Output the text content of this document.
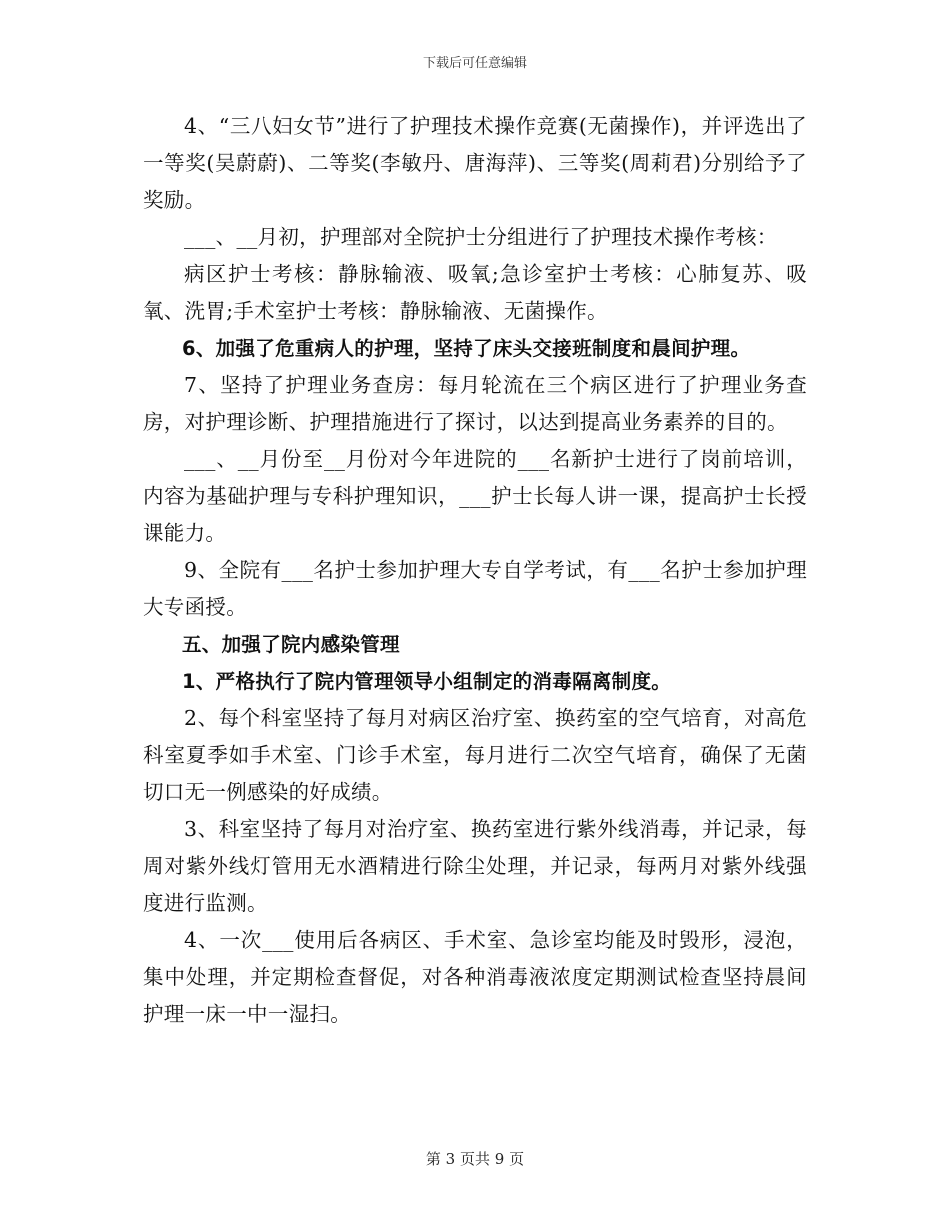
下载后可任意编辑

4、“三八妇女节”进行了护理技术操作竞赛(无菌操作)，并评选出了一等奖(吴蔚蔚)、二等奖(李敏丹、唐海萍)、三等奖(周莉君)分别给予了奖励。

___、__月初，护理部对全院护士分组进行了护理技术操作考核：

病区护士考核：静脉输液、吸氧;急诊室护士考核：心肺复苏、吸氧、洗胃;手术室护士考核：静脉输液、无菌操作。

6、加强了危重病人的护理，坚持了床头交接班制度和晨间护理。

7、坚持了护理业务查房：每月轮流在三个病区进行了护理业务查房，对护理诊断、护理措施进行了探讨，以达到提高业务素养的目的。

___、__月份至__月份对今年进院的___名新护士进行了岗前培训，内容为基础护理与专科护理知识，___护士长每人讲一课，提高护士长授课能力。

9、全院有___名护士参加护理大专自学考试，有___名护士参加护理大专函授。

五、加强了院内感染管理

1、严格执行了院内管理领导小组制定的消毒隔离制度。

2、每个科室坚持了每月对病区治疗室、换药室的空气培育，对高危科室夏季如手术室、门诊手术室，每月进行二次空气培育，确保了无菌切口无一例感染的好成绩。

3、科室坚持了每月对治疗室、换药室进行紫外线消毒，并记录，每周对紫外线灯管用无水酒精进行除尘处理，并记录，每两月对紫外线强度进行监测。

4、一次___使用后各病区、手术室、急诊室均能及时毁形，浸泡，集中处理，并定期检查督促，对各种消毒液浓度定期测试检查坚持晨间护理一床一中一湿扫。

第 3 页共 9 页
